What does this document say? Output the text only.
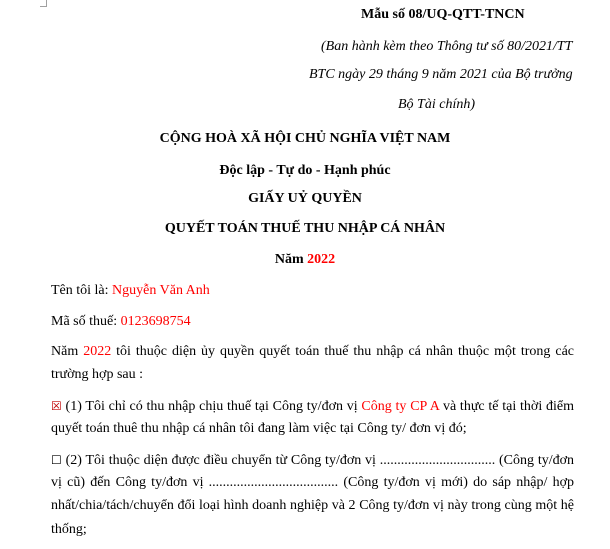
Mẫu số 08/UQ-QTT-TNCN
(Ban hành kèm theo Thông tư số 80/2021/TT
BTC ngày 29 tháng 9 năm 2021 của Bộ trưởng
Bộ Tài chính)
CỘNG HOÀ XÃ HỘI CHỦ NGHĨA VIỆT NAM
Độc lập - Tự do - Hạnh phúc
GIẤY UỶ QUYỀN
QUYẾT TOÁN THUẾ THU NHẬP CÁ NHÂN
Năm 2022
Tên tôi là: Nguyễn Văn Anh
Mã số thuế: 0123698754
Năm 2022 tôi thuộc diện ủy quyền quyết toán thuế thu nhập cá nhân thuộc một trong các
trường hợp sau :
☒ (1) Tôi chỉ có thu nhập chịu thuế tại Công ty/đơn vị Công ty CP A và thực tế tại thời điểm
quyết toán thuê thu nhập cá nhân tôi đang làm việc tại Công ty/ đơn vị đó;
☐ (2) Tôi thuộc diện được điều chuyển từ Công ty/đơn vị ................................. (Công ty/đơn
vị cũ) đến Công ty/đơn vị ..................................... (Công ty/đơn vị mới) do sáp nhập/ hợp
nhất/chia/tách/chuyển đổi loại hình doanh nghiệp và 2 Công ty/đơn vị này trong cùng một hệ
thống;
